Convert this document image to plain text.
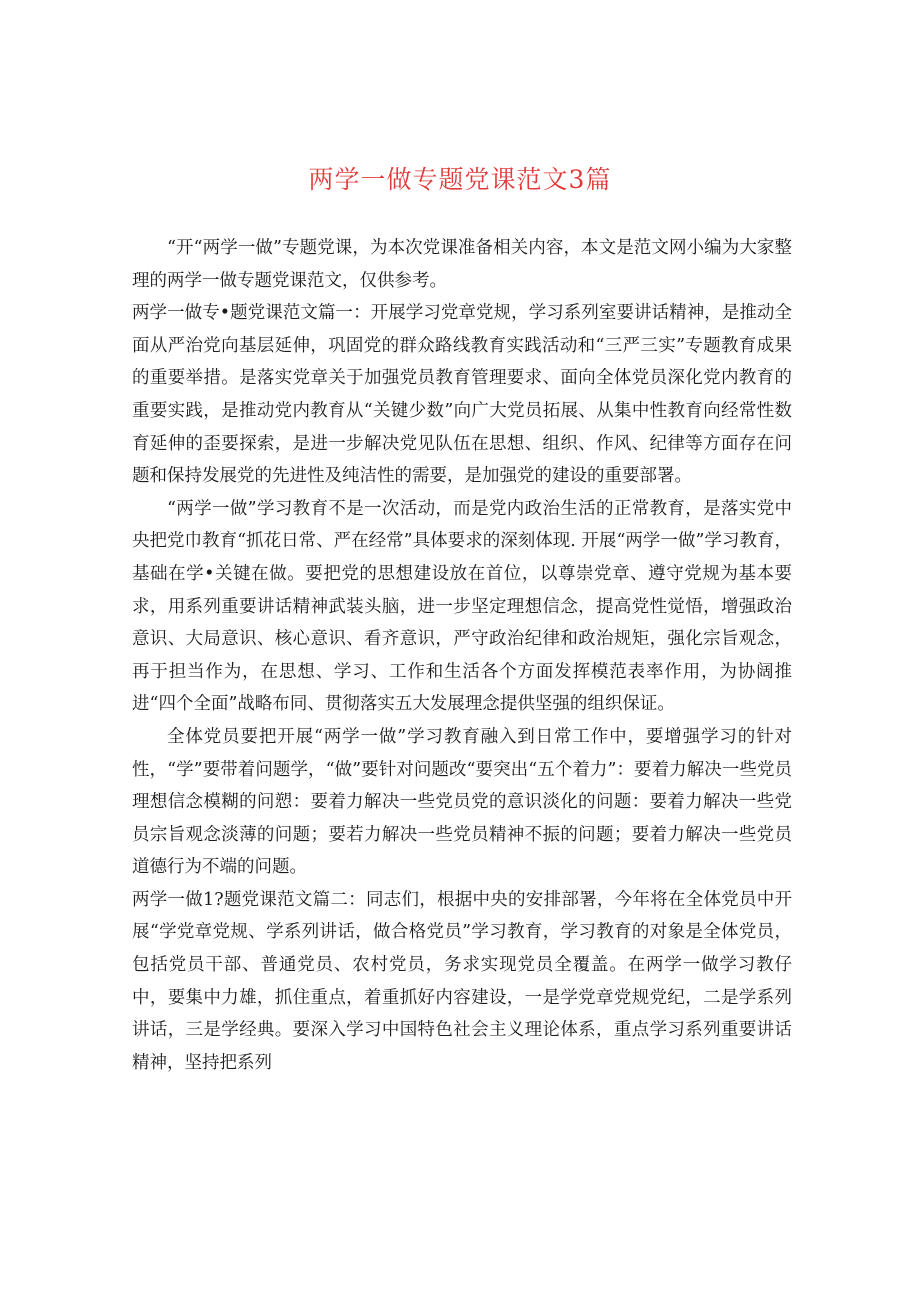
两学一做专题党课范文3篇

“开“两学一做”专题党课，为本次党课准备相关内容，本文是范文网小编为大家整理的两学一做专题党课范文，仅供参考。

两学一做专•题党课范文篇一：开展学习党章党规，学习系列室要讲话精神，是推动全面从严治党向基层延伸，巩固党的群众路线教育实践活动和“三严三实”专题教育成果的重要举措。是落实党章关于加强党员教育管理要求、面向全体党员深化党内教育的重要实践，是推动党内教育从“关键少数”向广大党员拓展、从集中性教育向经常性数育延伸的歪要探索，是进一步解决党见队伍在思想、组织、作风、纪律等方面存在问题和保持发展党的先进性及纯洁性的需要，是加强党的建设的重要部署。

“两学一做”学习教育不是一次活动，而是党内政治生活的正常教育，是落实党中央把党巾教育“抓花日常、严在经常”具体要求的深刻体现. 开展“两学一做”学习教育，基础在学•关键在做。要把党的思想建设放在首位，以尊崇党章、遵守党规为基本要求，用系列重要讲话精神武装头脑，进一步坚定理想信念，提高党性觉悟，增强政治意识、大局意识、核心意识、看齐意识，严守政治纪律和政治规矩，强化宗旨观念，再于担当作为，在思想、学习、工作和生活各个方面发挥模范表率作用，为协阔推进“四个全面”战略布同、贯彻落实五大发展理念提供坚强的组织保证。

全体党员要把开展“两学一做”学习教育融入到日常工作中，要增强学习的针对性，“学”要带着问题学，“做”要针对问题改“要突出“五个着力”：要着力解决一些党员理想信念模糊的问愬：要着力解决一些党员党的意识淡化的问题：要着力解决一些党员宗旨观念淡薄的问题；要若力解决一些党员精神不振的问题；要着力解决一些党员道德行为不端的问题。

两学一做1?题党课范文篇二：同志们，根据中央的安排部署，今年将在全体党员中开展“学党章党规、学系列讲话，做合格党员”学习教育，学习教育的对象是全体党员，包括党员干部、普通党员、农村党员，务求实现党员全覆盖。在两学一做学习教仔中，要集中力雄，抓住重点，着重抓好内容建设，一是学党章党规党纪，二是学系列讲话，三是学经典。要深入学习中国特色社会主义理论体系，重点学习系列重要讲话精神，坚持把系列
